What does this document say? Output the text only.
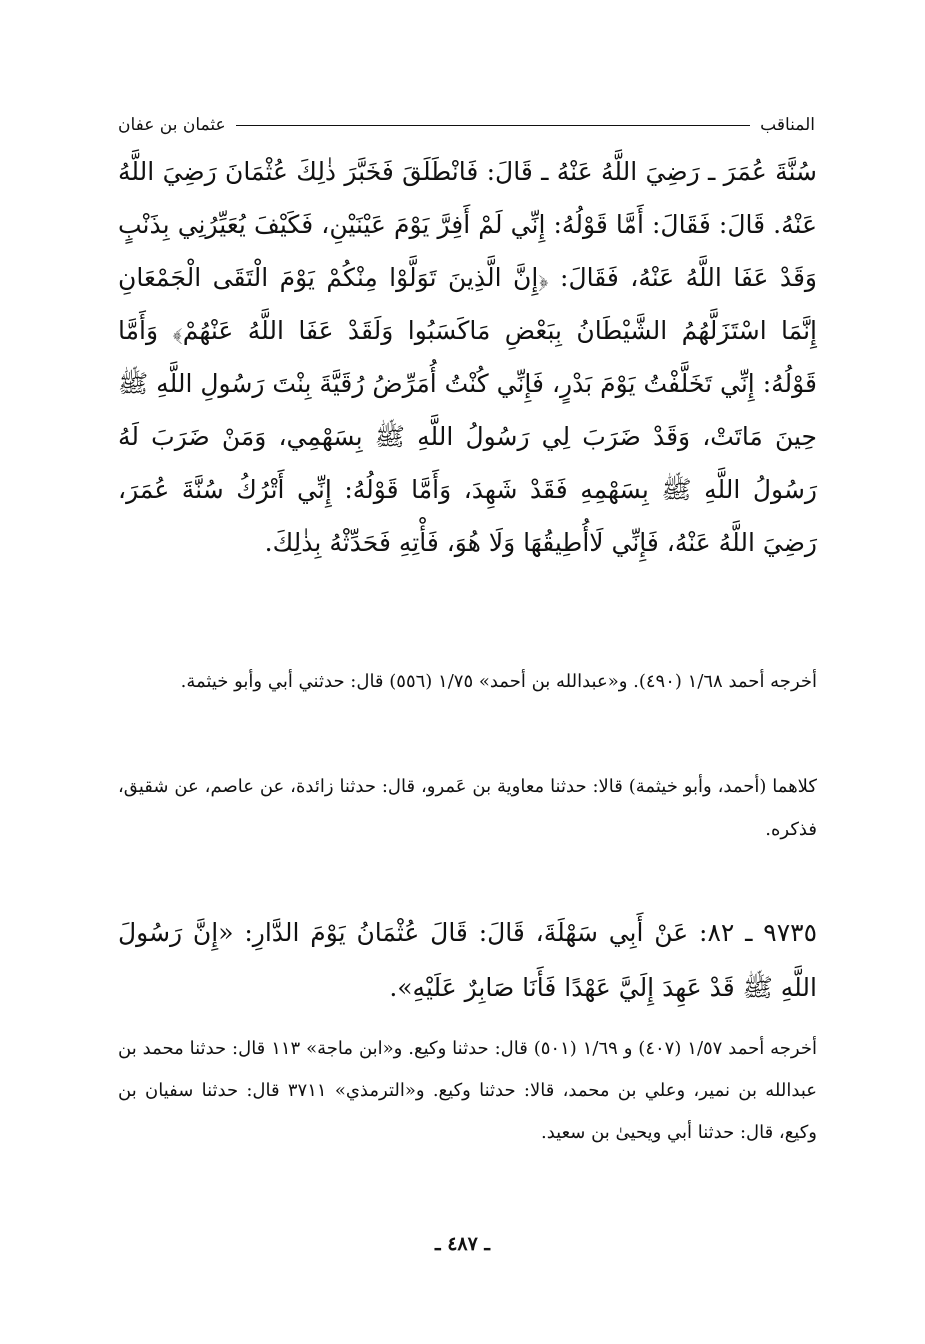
المناقب
عثمان بن عفان
سُنَّةَ عُمَرَ ـ رَضِيَ اللَّهُ عَنْهُ ـ قَالَ: فَانْطَلَقَ فَخَبَّرَ ذٰلِكَ عُثْمَانَ رَضِيَ اللَّهُ عَنْهُ. قَالَ: فَقَالَ: أَمَّا قَوْلُهُ: إِنِّي لَمْ أَفِرَّ يَوْمَ عَيْنَيْنِ، فَكَيْفَ يُعَيِّرُنِي بِذَنْبٍ وَقَدْ عَفَا اللَّهُ عَنْهُ، فَقَالَ: ﴿إِنَّ الَّذِينَ تَوَلَّوْا مِنْكُمْ يَوْمَ الْتَقَى الْجَمْعَانِ إِنَّمَا اسْتَزَلَّهُمُ الشَّيْطَانُ بِبَعْضِ مَاكَسَبُوا وَلَقَدْ عَفَا اللَّهُ عَنْهُمْ﴾ وَأَمَّا قَوْلُهُ: إِنِّي تَخَلَّفْتُ يَوْمَ بَدْرٍ، فَإِنِّي كُنْتُ أُمَرِّضُ رُقَيَّةَ بِنْتَ رَسُولِ اللَّهِ ﷺ حِينَ مَاتَتْ، وَقَدْ ضَرَبَ لِي رَسُولُ اللَّهِ ﷺ بِسَهْمِي، وَمَنْ ضَرَبَ لَهُ رَسُولُ اللَّهِ ﷺ بِسَهْمِهِ فَقَدْ شَهِدَ، وَأَمَّا قَوْلُهُ: إِنِّي أَتْرُكُ سُنَّةَ عُمَرَ، رَضِيَ اللَّهُ عَنْهُ، فَإِنِّي لَاأُطِيقُهَا وَلَا هُوَ، فَأْتِهِ فَحَدِّثْهُ بِذٰلِكَ.
أخرجه أحمد ١/٦٨ (٤٩٠). و«عبدالله بن أحمد» ١/٧٥ (٥٥٦) قال: حدثني أبي وأبو خيثمة.
كلاهما (أحمد، وأبو خيثمة) قالا: حدثنا معاوية بن عَمرو، قال: حدثنا زائدة، عن عاصم، عن شقيق، فذكره.
٩٧٣٥ ـ ٨٢: عَنْ أَبِي سَهْلَةَ، قَالَ: قَالَ عُثْمَانُ يَوْمَ الدَّارِ: «إِنَّ رَسُولَ اللَّهِ ﷺ قَدْ عَهِدَ إِلَيَّ عَهْدًا فَأَنَا صَابِرٌ عَلَيْهِ».
أخرجه أحمد ١/٥٧ (٤٠٧) و ١/٦٩ (٥٠١) قال: حدثنا وكيع. و«ابن ماجة» ١١٣ قال: حدثنا محمد بن عبدالله بن نمير، وعلي بن محمد، قالا: حدثنا وكيع. و«الترمذي» ٣٧١١ قال: حدثنا سفيان بن وكيع، قال: حدثنا أبي ويحيىٰ بن سعيد.
ـ ٤٨٧ ـ
